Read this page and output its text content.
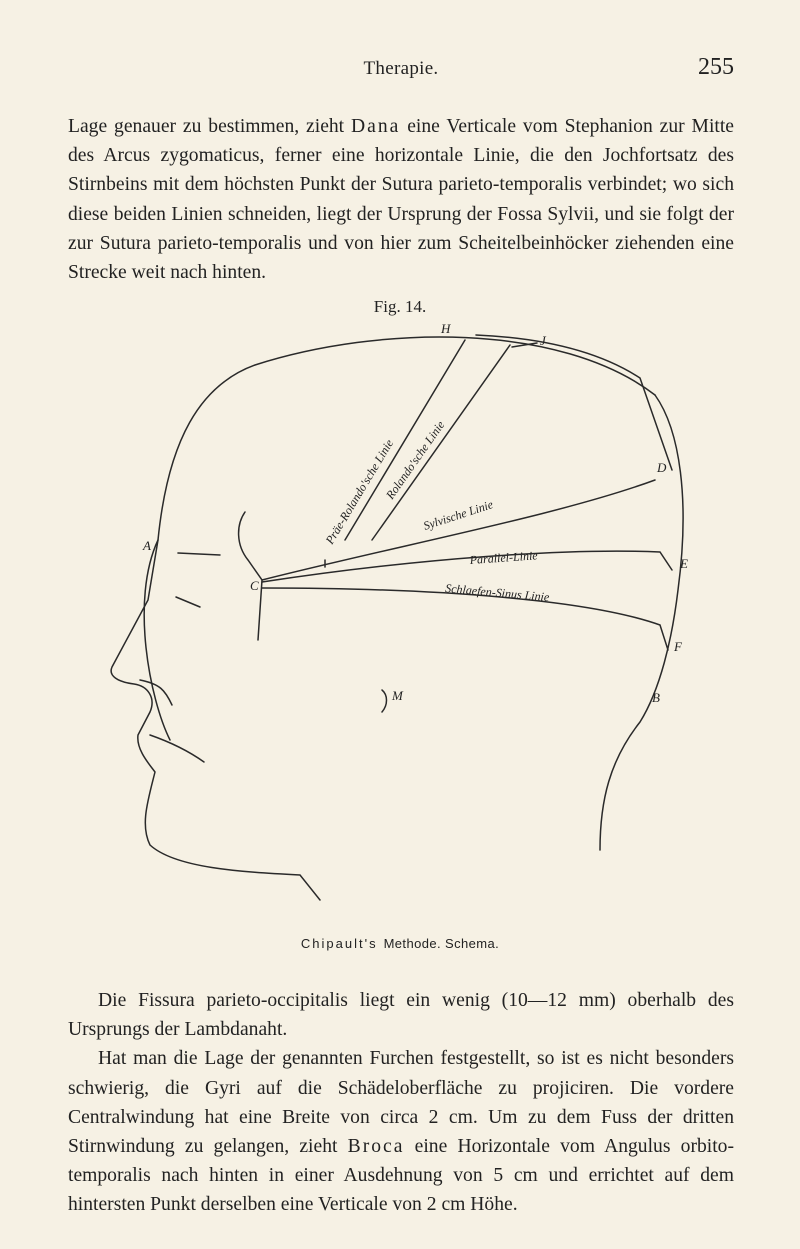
Therapie.	255

Lage genauer zu bestimmen, zieht Dana eine Verticale vom Stephanion zur Mitte des Arcus zygomaticus, ferner eine horizontale Linie, die den Jochfortsatz des Stirnbeins mit dem höchsten Punkt der Sutura parieto-temporalis verbindet; wo sich diese beiden Linien schneiden, liegt der Ursprung der Fossa Sylvii, und sie folgt der zur Sutura parieto-temporalis und von hier zum Scheitelbeinhöcker ziehenden eine Strecke weit nach hinten.

Fig. 14.
H
J
D
A
E
C
F
B
M
Präe-Rolando'sche Linie
Rolando'sche Linie
Sylvische Linie
Parallel-Linie
Schlaefen-Sinus Linie
Chipault's Methode. Schema.
Die Fissura parieto-occipitalis liegt ein wenig (10—12 mm) oberhalb des Ursprungs der Lambdanaht.
Hat man die Lage der genannten Furchen festgestellt, so ist es nicht besonders schwierig, die Gyri auf die Schädeloberfläche zu projiciren. Die vordere Centralwindung hat eine Breite von circa 2 cm. Um zu dem Fuss der dritten Stirnwindung zu gelangen, zieht Broca eine Horizontale vom Angulus orbito-temporalis nach hinten in einer Ausdehnung von 5 cm und errichtet auf dem hintersten Punkt derselben eine Verticale von 2 cm Höhe.
